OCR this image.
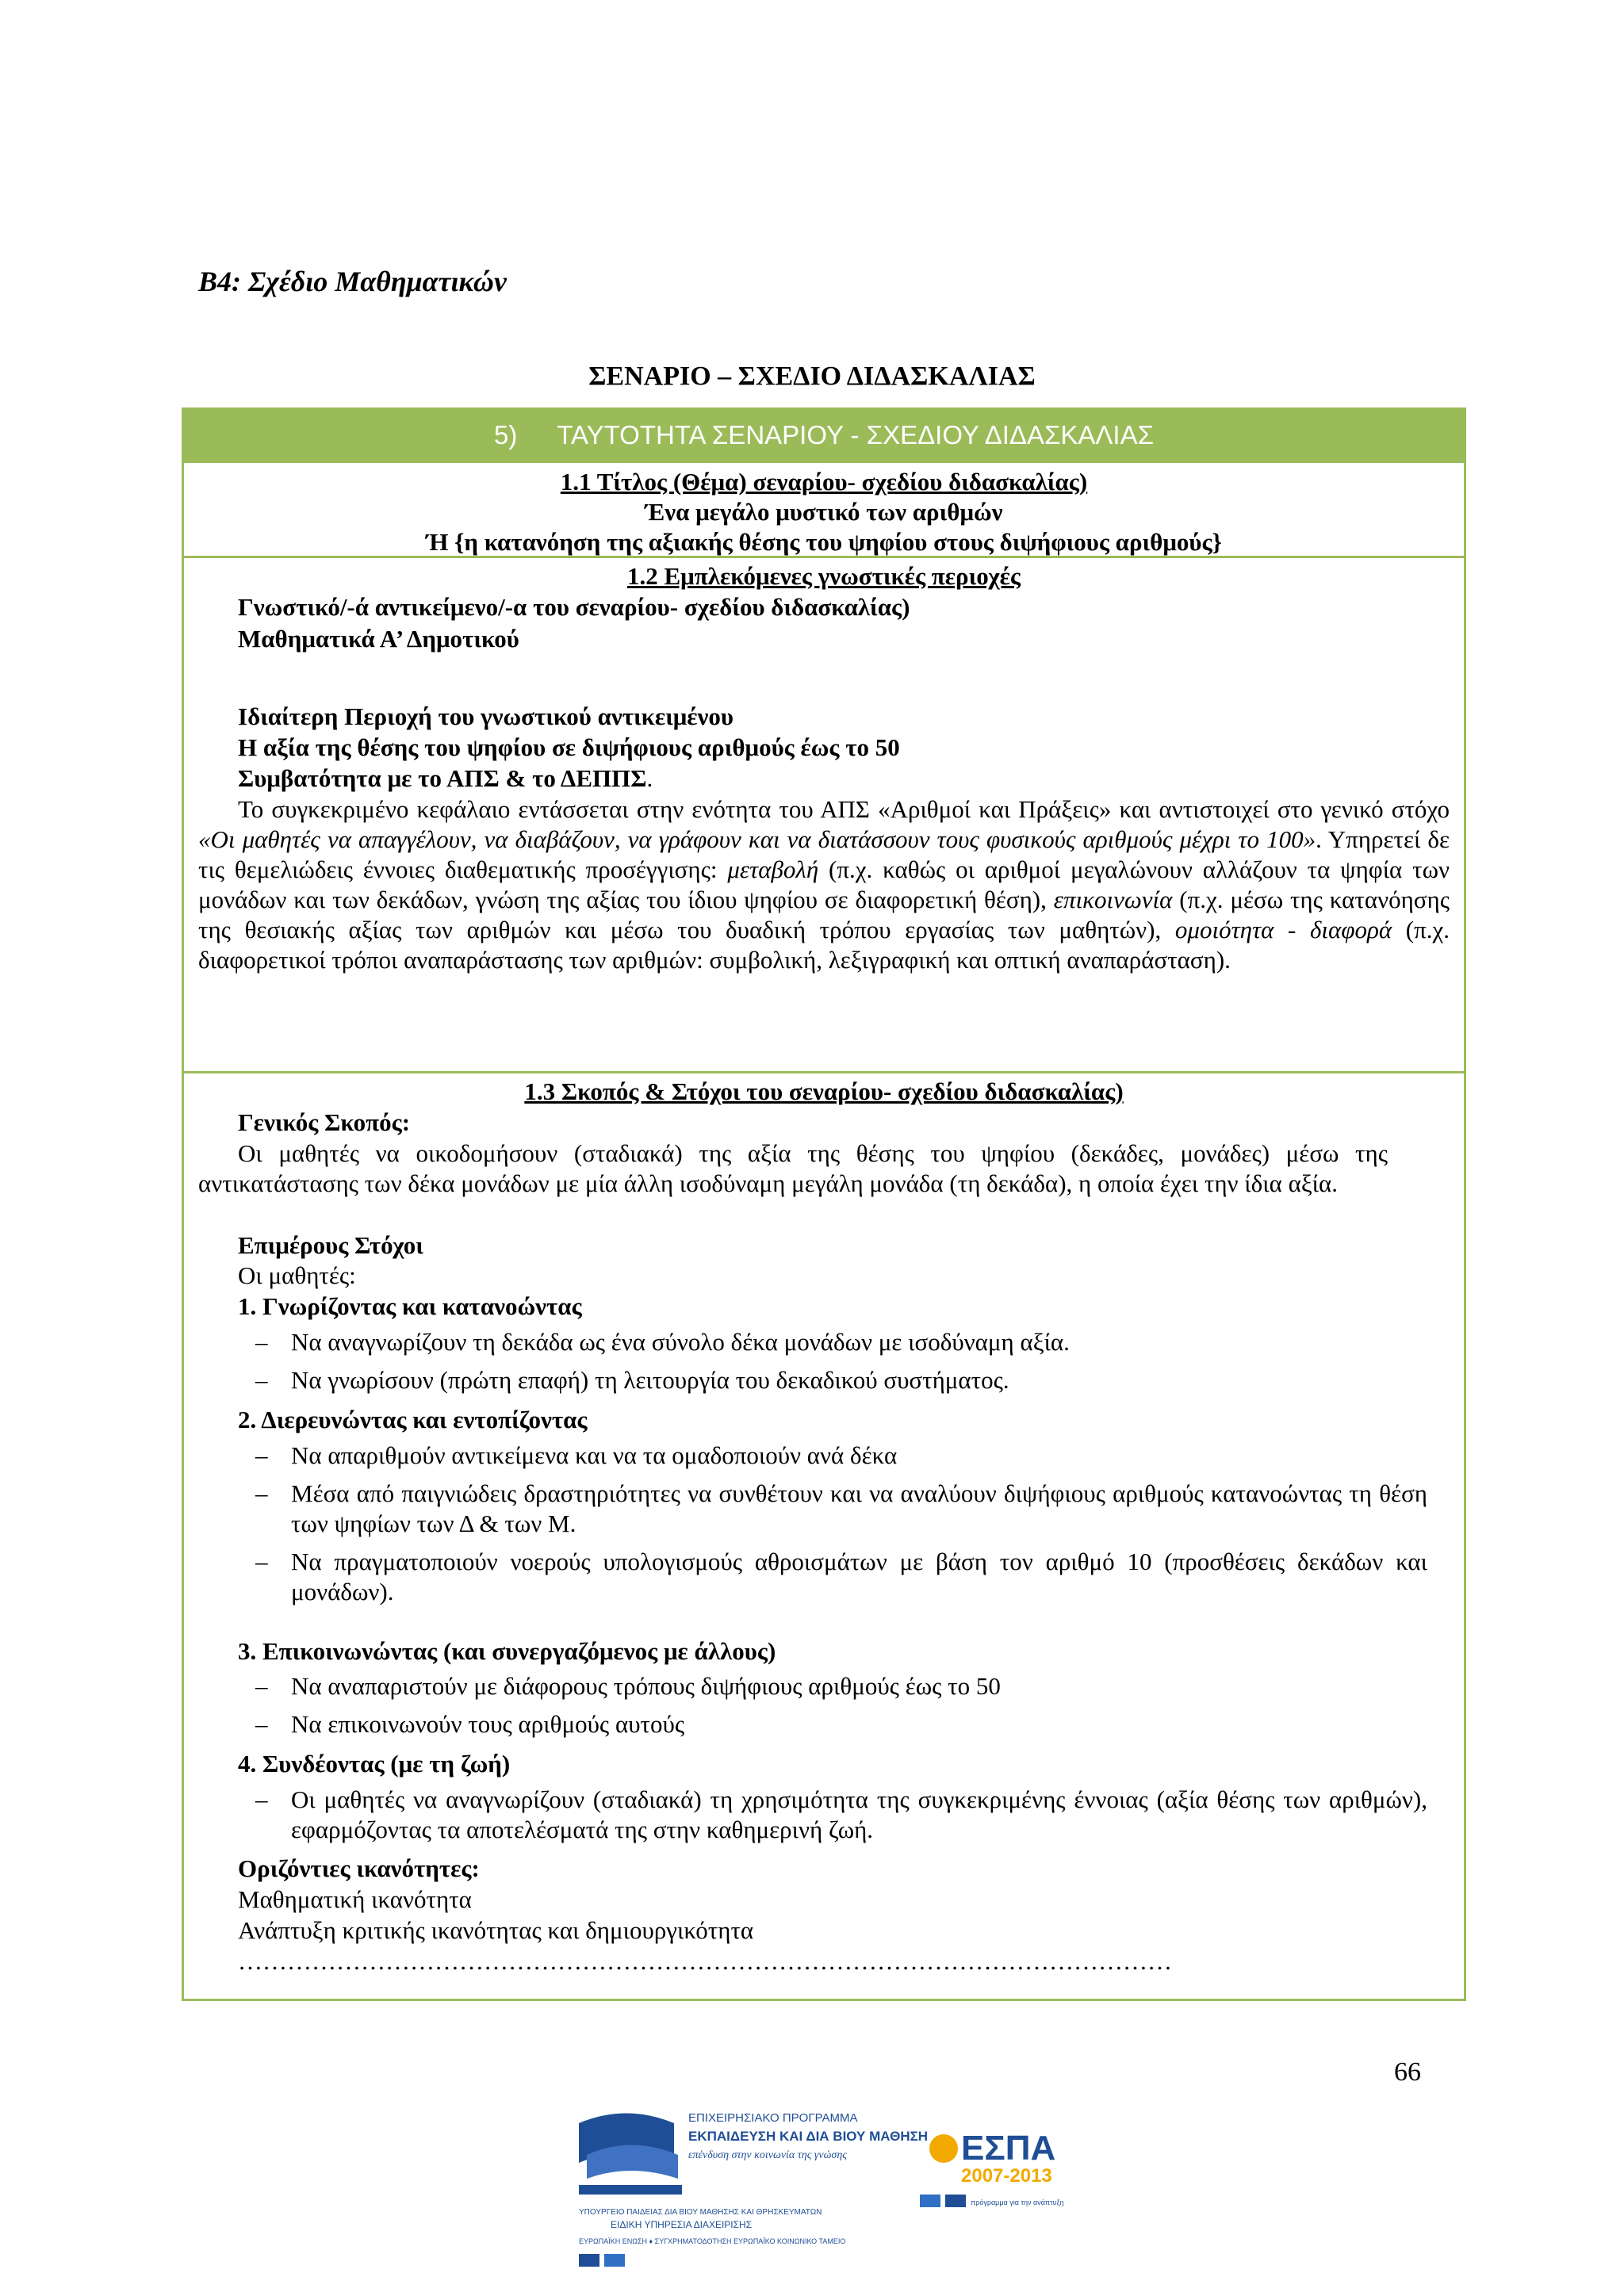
B4: Σχέδιο Μαθηματικών
ΣΕΝΑΡΙΟ – ΣΧΕΔΙΟ ΔΙΔΑΣΚΑΛΙΑΣ
5) ΤΑΥΤΟΤΗΤΑ ΣΕΝΑΡΙΟΥ - ΣΧΕΔΙΟΥ ΔΙΔΑΣΚΑΛΙΑΣ
1.1 Τίτλος (Θέμα) σεναρίου- σχεδίου διδασκαλίας)
Ένα μεγάλο μυστικό των αριθμών
Ή {η κατανόηση της αξιακής θέσης του ψηφίου στους διψήφιους αριθμούς}
1.2 Εμπλεκόμενες γνωστικές περιοχές
Γνωστικό/-ά αντικείμενο/-α του σεναρίου- σχεδίου διδασκαλίας)
Μαθηματικά Α’ Δημοτικού
Ιδιαίτερη Περιοχή του γνωστικού αντικειμένου
Η αξία της θέσης του ψηφίου σε διψήφιους αριθμούς έως το 50
Συμβατότητα με το ΑΠΣ & το ΔΕΠΠΣ.
Το συγκεκριμένο κεφάλαιο εντάσσεται στην ενότητα του ΑΠΣ «Αριθμοί και Πράξεις» και αντιστοιχεί στο γενικό στόχο «Οι μαθητές να απαγγέλουν, να διαβάζουν, να γράφουν και να διατάσσουν τους φυσικούς αριθμούς μέχρι το 100». Υπηρετεί δε τις θεμελιώδεις έννοιες διαθεματικής προσέγγισης: μεταβολή (π.χ. καθώς οι αριθμοί μεγαλώνουν αλλάζουν τα ψηφία των μονάδων και των δεκάδων, γνώση της αξίας του ίδιου ψηφίου σε διαφορετική θέση), επικοινωνία (π.χ. μέσω της κατανόησης της θεσιακής αξίας των αριθμών και μέσω του δυαδική τρόπου εργασίας των μαθητών), ομοιότητα - διαφορά (π.χ. διαφορετικοί τρόποι αναπαράστασης των αριθμών: συμβολική, λεξιγραφική και οπτική αναπαράσταση).
1.3 Σκοπός & Στόχοι του σεναρίου- σχεδίου διδασκαλίας)
Γενικός Σκοπός:
Οι μαθητές να οικοδομήσουν (σταδιακά) της αξία της θέσης του ψηφίου (δεκάδες, μονάδες) μέσω της αντικατάστασης των δέκα μονάδων με μία άλλη ισοδύναμη μεγάλη μονάδα (τη δεκάδα), η οποία έχει την ίδια αξία.
Επιμέρους Στόχοι
Οι μαθητές:
1. Γνωρίζοντας και κατανοώντας
– Να αναγνωρίζουν τη δεκάδα ως ένα σύνολο δέκα μονάδων με ισοδύναμη αξία.
– Να γνωρίσουν (πρώτη επαφή) τη λειτουργία του δεκαδικού συστήματος.
2. Διερευνώντας και εντοπίζοντας
– Να απαριθμούν αντικείμενα και να τα ομαδοποιούν ανά δέκα
– Μέσα από παιγνιώδεις δραστηριότητες να συνθέτουν και να αναλύουν διψήφιους αριθμούς κατανοώντας τη θέση των ψηφίων των Δ & των Μ.
– Να πραγματοποιούν νοερούς υπολογισμούς αθροισμάτων με βάση τον αριθμό 10 (προσθέσεις δεκάδων και μονάδων).
3. Επικοινωνώντας (και συνεργαζόμενος με άλλους)
– Να αναπαριστούν με διάφορους τρόπους διψήφιους αριθμούς έως το 50
– Να επικοινωνούν τους αριθμούς αυτούς
4. Συνδέοντας (με τη ζωή)
– Οι μαθητές να αναγνωρίζουν (σταδιακά) τη χρησιμότητα της συγκεκριμένης έννοιας (αξία θέσης των αριθμών), εφαρμόζοντας τα αποτελέσματά της στην καθημερινή ζωή.
Οριζόντιες ικανότητες:
Μαθηματική ικανότητα
Ανάπτυξη κριτικής ικανότητας και δημιουργικότητα
……………………………………………………………………………………………………
66
ΕΠΙΧΕΙΡΗΣΙΑΚΟ ΠΡΟΓΡΑΜΜΑ
ΕΚΠΑΙΔΕΥΣΗ ΚΑΙ ΔΙΑ ΒΙΟΥ ΜΑΘΗΣΗ
επένδυση στην κοινωνία της γνώσης
ΥΠΟΥΡΓΕΙΟ ΠΑΙΔΕΙΑΣ ΔΙΑ ΒΙΟΥ ΜΑΘΗΣΗΣ ΚΑΙ ΘΡΗΣΚΕΥΜΑΤΩΝ
ΕΙΔΙΚΗ ΥΠΗΡΕΣΙΑ ΔΙΑΧΕΙΡΙΣΗΣ
ΕΥΡΩΠΑΪΚΗ ΕΝΩΣΗ ♦ ΣΥΓΧΡΗΜΑΤΟΔΟΤΗΣΗ ΕΥΡΩΠΑΪΚΟ ΚΟΙΝΩΝΙΚΟ ΤΑΜΕΙΟ
ΕΣΠΑ
2007-2013
πρόγραμμα για την ανάπτυξη
